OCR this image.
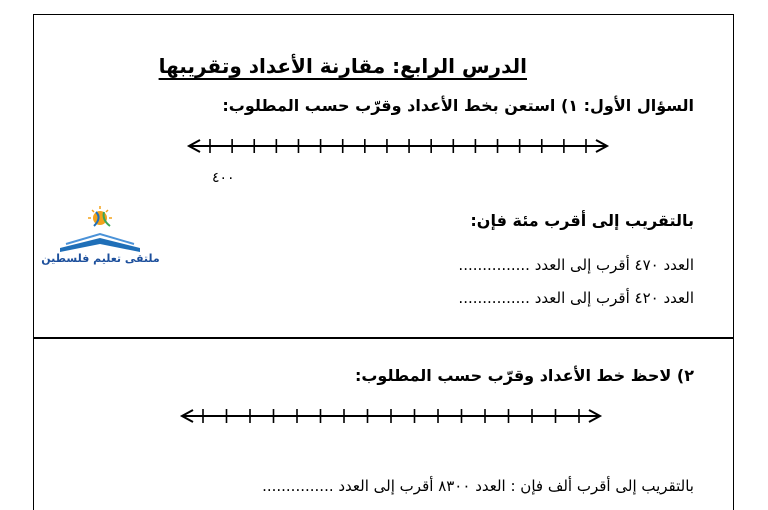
الدرس الرابع: مقارنة الأعداد وتقريبها
السؤال الأول: ١) استعن بخط الأعداد وقرّب حسب المطلوب:
٤٠٠
ملتقى تعليم فلسطين
بالتقريب إلى أقرب مئة فإن:
العدد ٤٧٠ أقرب إلى العدد ...............
العدد ٤٢٠ أقرب إلى العدد ...............
٢) لاحظ خط الأعداد وقرّب حسب المطلوب:
بالتقريب إلى أقرب ألف فإن : العدد ٨٣٠٠ أقرب إلى العدد ...............
